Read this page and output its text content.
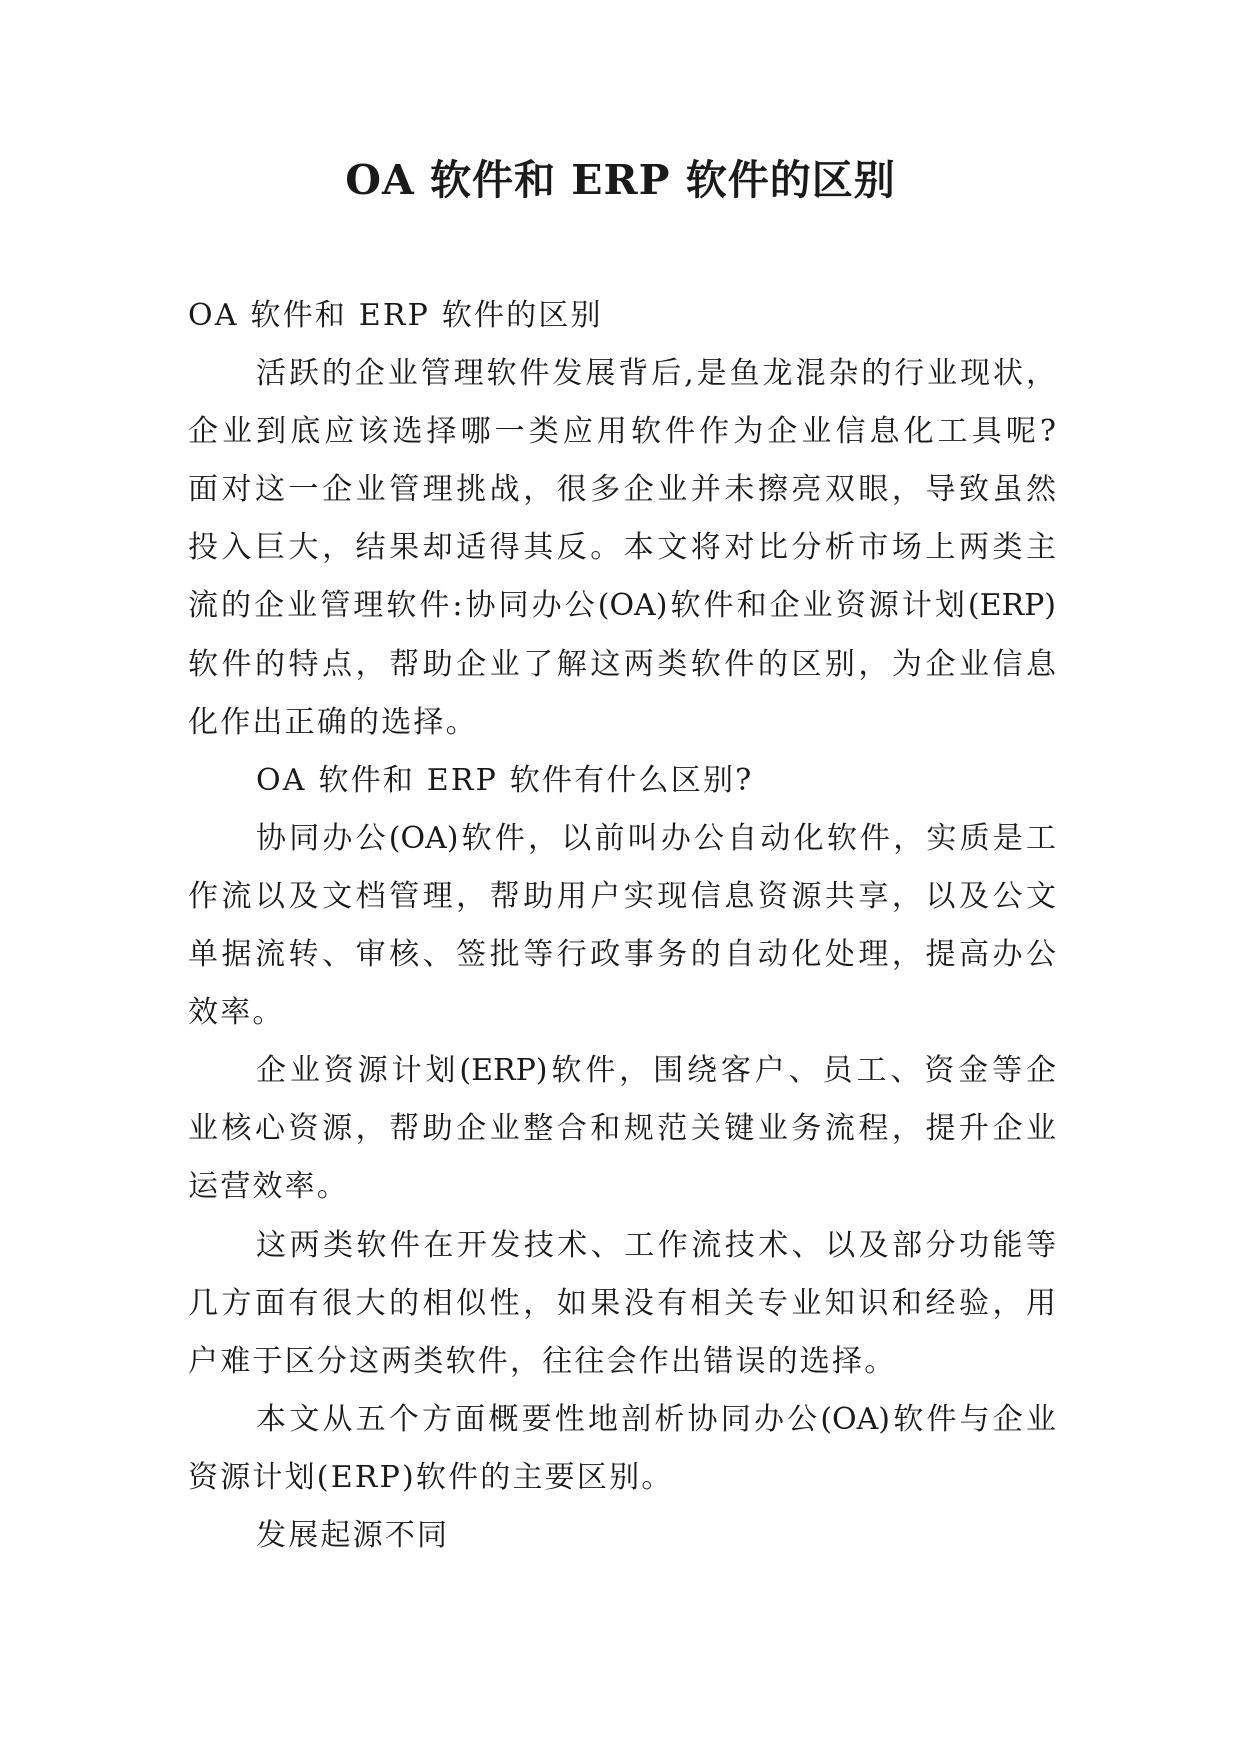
OA 软件和 ERP 软件的区别
OA 软件和 ERP 软件的区别
活跃的企业管理软件发展背后,是鱼龙混杂的行业现状，
企业到底应该选择哪一类应用软件作为企业信息化工具呢?
面对这一企业管理挑战，很多企业并未擦亮双眼，导致虽然
投入巨大，结果却适得其反。本文将对比分析市场上两类主
流的企业管理软件:协同办公(OA)软件和企业资源计划(ERP)
软件的特点，帮助企业了解这两类软件的区别，为企业信息
化作出正确的选择。
OA 软件和 ERP 软件有什么区别?
协同办公(OA)软件，以前叫办公自动化软件，实质是工
作流以及文档管理，帮助用户实现信息资源共享，以及公文
单据流转、审核、签批等行政事务的自动化处理，提高办公
效率。
企业资源计划(ERP)软件，围绕客户、员工、资金等企
业核心资源，帮助企业整合和规范关键业务流程，提升企业
运营效率。
这两类软件在开发技术、工作流技术、以及部分功能等
几方面有很大的相似性，如果没有相关专业知识和经验，用
户难于区分这两类软件，往往会作出错误的选择。
本文从五个方面概要性地剖析协同办公(OA)软件与企业
资源计划(ERP)软件的主要区别。
发展起源不同
